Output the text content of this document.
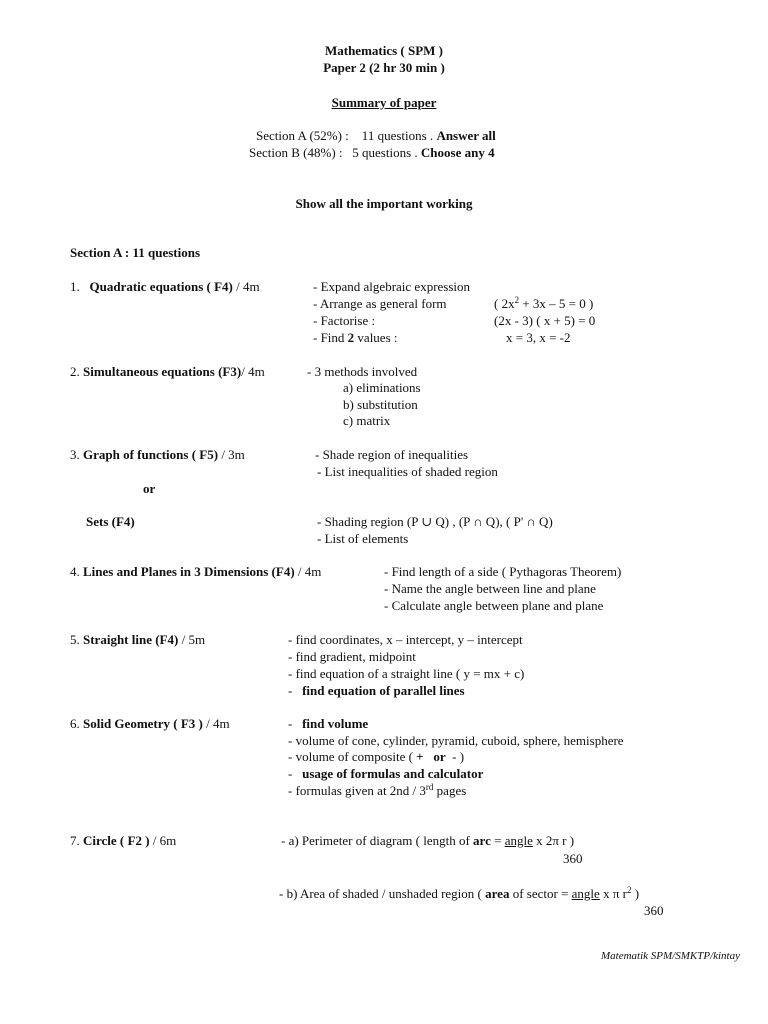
Mathematics ( SPM )
Paper 2 (2 hr 30 min )
Summary of paper
Section A (52%) : 11 questions . Answer all
Section B (48%) : 5 questions . Choose any 4
Show all the important working
Section A : 11 questions
1. Quadratic equations ( F4) / 4m	- Expand algebraic expression
- Arrange as general form	( $2x^2 + 3x - 5 = 0$ )
- Factorise :	(2x - 3) ( x + 5) = 0
- Find 2 values :	x = 3, x = -2
2. Simultaneous equations (F3)/ 4m	- 3 methods involved
a) eliminations
b) substitution
c) matrix
3. Graph of functions ( F5) / 3m	- Shade region of inequalities
- List inequalities of shaded region
or
Sets (F4)	- Shading region (P ∪ Q) , (P ∩ Q), ( P' ∩ Q)
- List of elements
4. Lines and Planes in 3 Dimensions (F4) / 4m	- Find length of a side ( Pythagoras Theorem)
- Name the angle between line and plane
- Calculate angle between plane and plane
5. Straight line (F4) / 5m	- find coordinates, x – intercept, y – intercept
- find gradient, midpoint
- find equation of a straight line ( y = mx + c)
-   find equation of parallel lines
6. Solid Geometry ( F3 ) / 4m	-   find volume
- volume of cone, cylinder, pyramid, cuboid, sphere, hemisphere
- volume of composite ( + or  - )
-   usage of formulas and calculator
- formulas given at 2nd / 3rd pages
7. Circle ( F2 ) / 6m	- a) Perimeter of diagram ( length of arc = angle x 2π r )
360
- b) Area of shaded / unshaded region ( area of sector = angle x π $r^2$ )
360
Matematik SPM/SMKTP/kintay
